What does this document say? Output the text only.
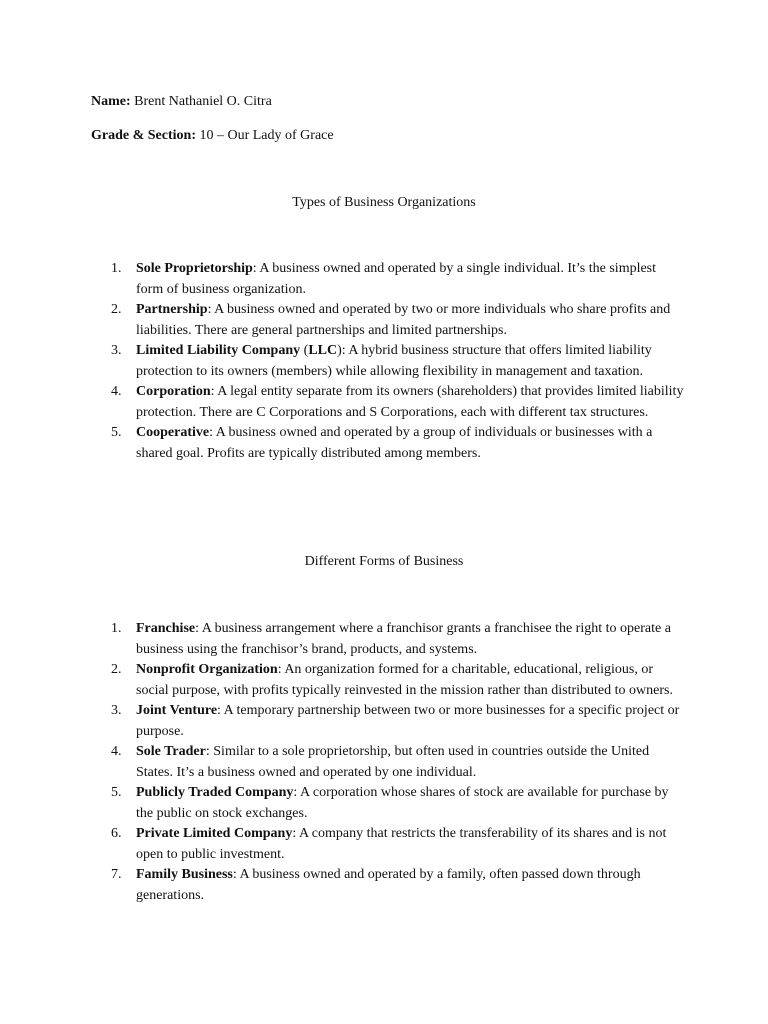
Name: Brent Nathaniel O. Citra
Grade & Section: 10 – Our Lady of Grace
Types of Business Organizations
1. Sole Proprietorship: A business owned and operated by a single individual. It’s the simplest form of business organization.
2. Partnership: A business owned and operated by two or more individuals who share profits and liabilities. There are general partnerships and limited partnerships.
3. Limited Liability Company (LLC): A hybrid business structure that offers limited liability protection to its owners (members) while allowing flexibility in management and taxation.
4. Corporation: A legal entity separate from its owners (shareholders) that provides limited liability protection. There are C Corporations and S Corporations, each with different tax structures.
5. Cooperative: A business owned and operated by a group of individuals or businesses with a shared goal. Profits are typically distributed among members.
Different Forms of Business
1. Franchise: A business arrangement where a franchisor grants a franchisee the right to operate a business using the franchisor’s brand, products, and systems.
2. Nonprofit Organization: An organization formed for a charitable, educational, religious, or social purpose, with profits typically reinvested in the mission rather than distributed to owners.
3. Joint Venture: A temporary partnership between two or more businesses for a specific project or purpose.
4. Sole Trader: Similar to a sole proprietorship, but often used in countries outside the United States. It’s a business owned and operated by one individual.
5. Publicly Traded Company: A corporation whose shares of stock are available for purchase by the public on stock exchanges.
6. Private Limited Company: A company that restricts the transferability of its shares and is not open to public investment.
7. Family Business: A business owned and operated by a family, often passed down through generations.
